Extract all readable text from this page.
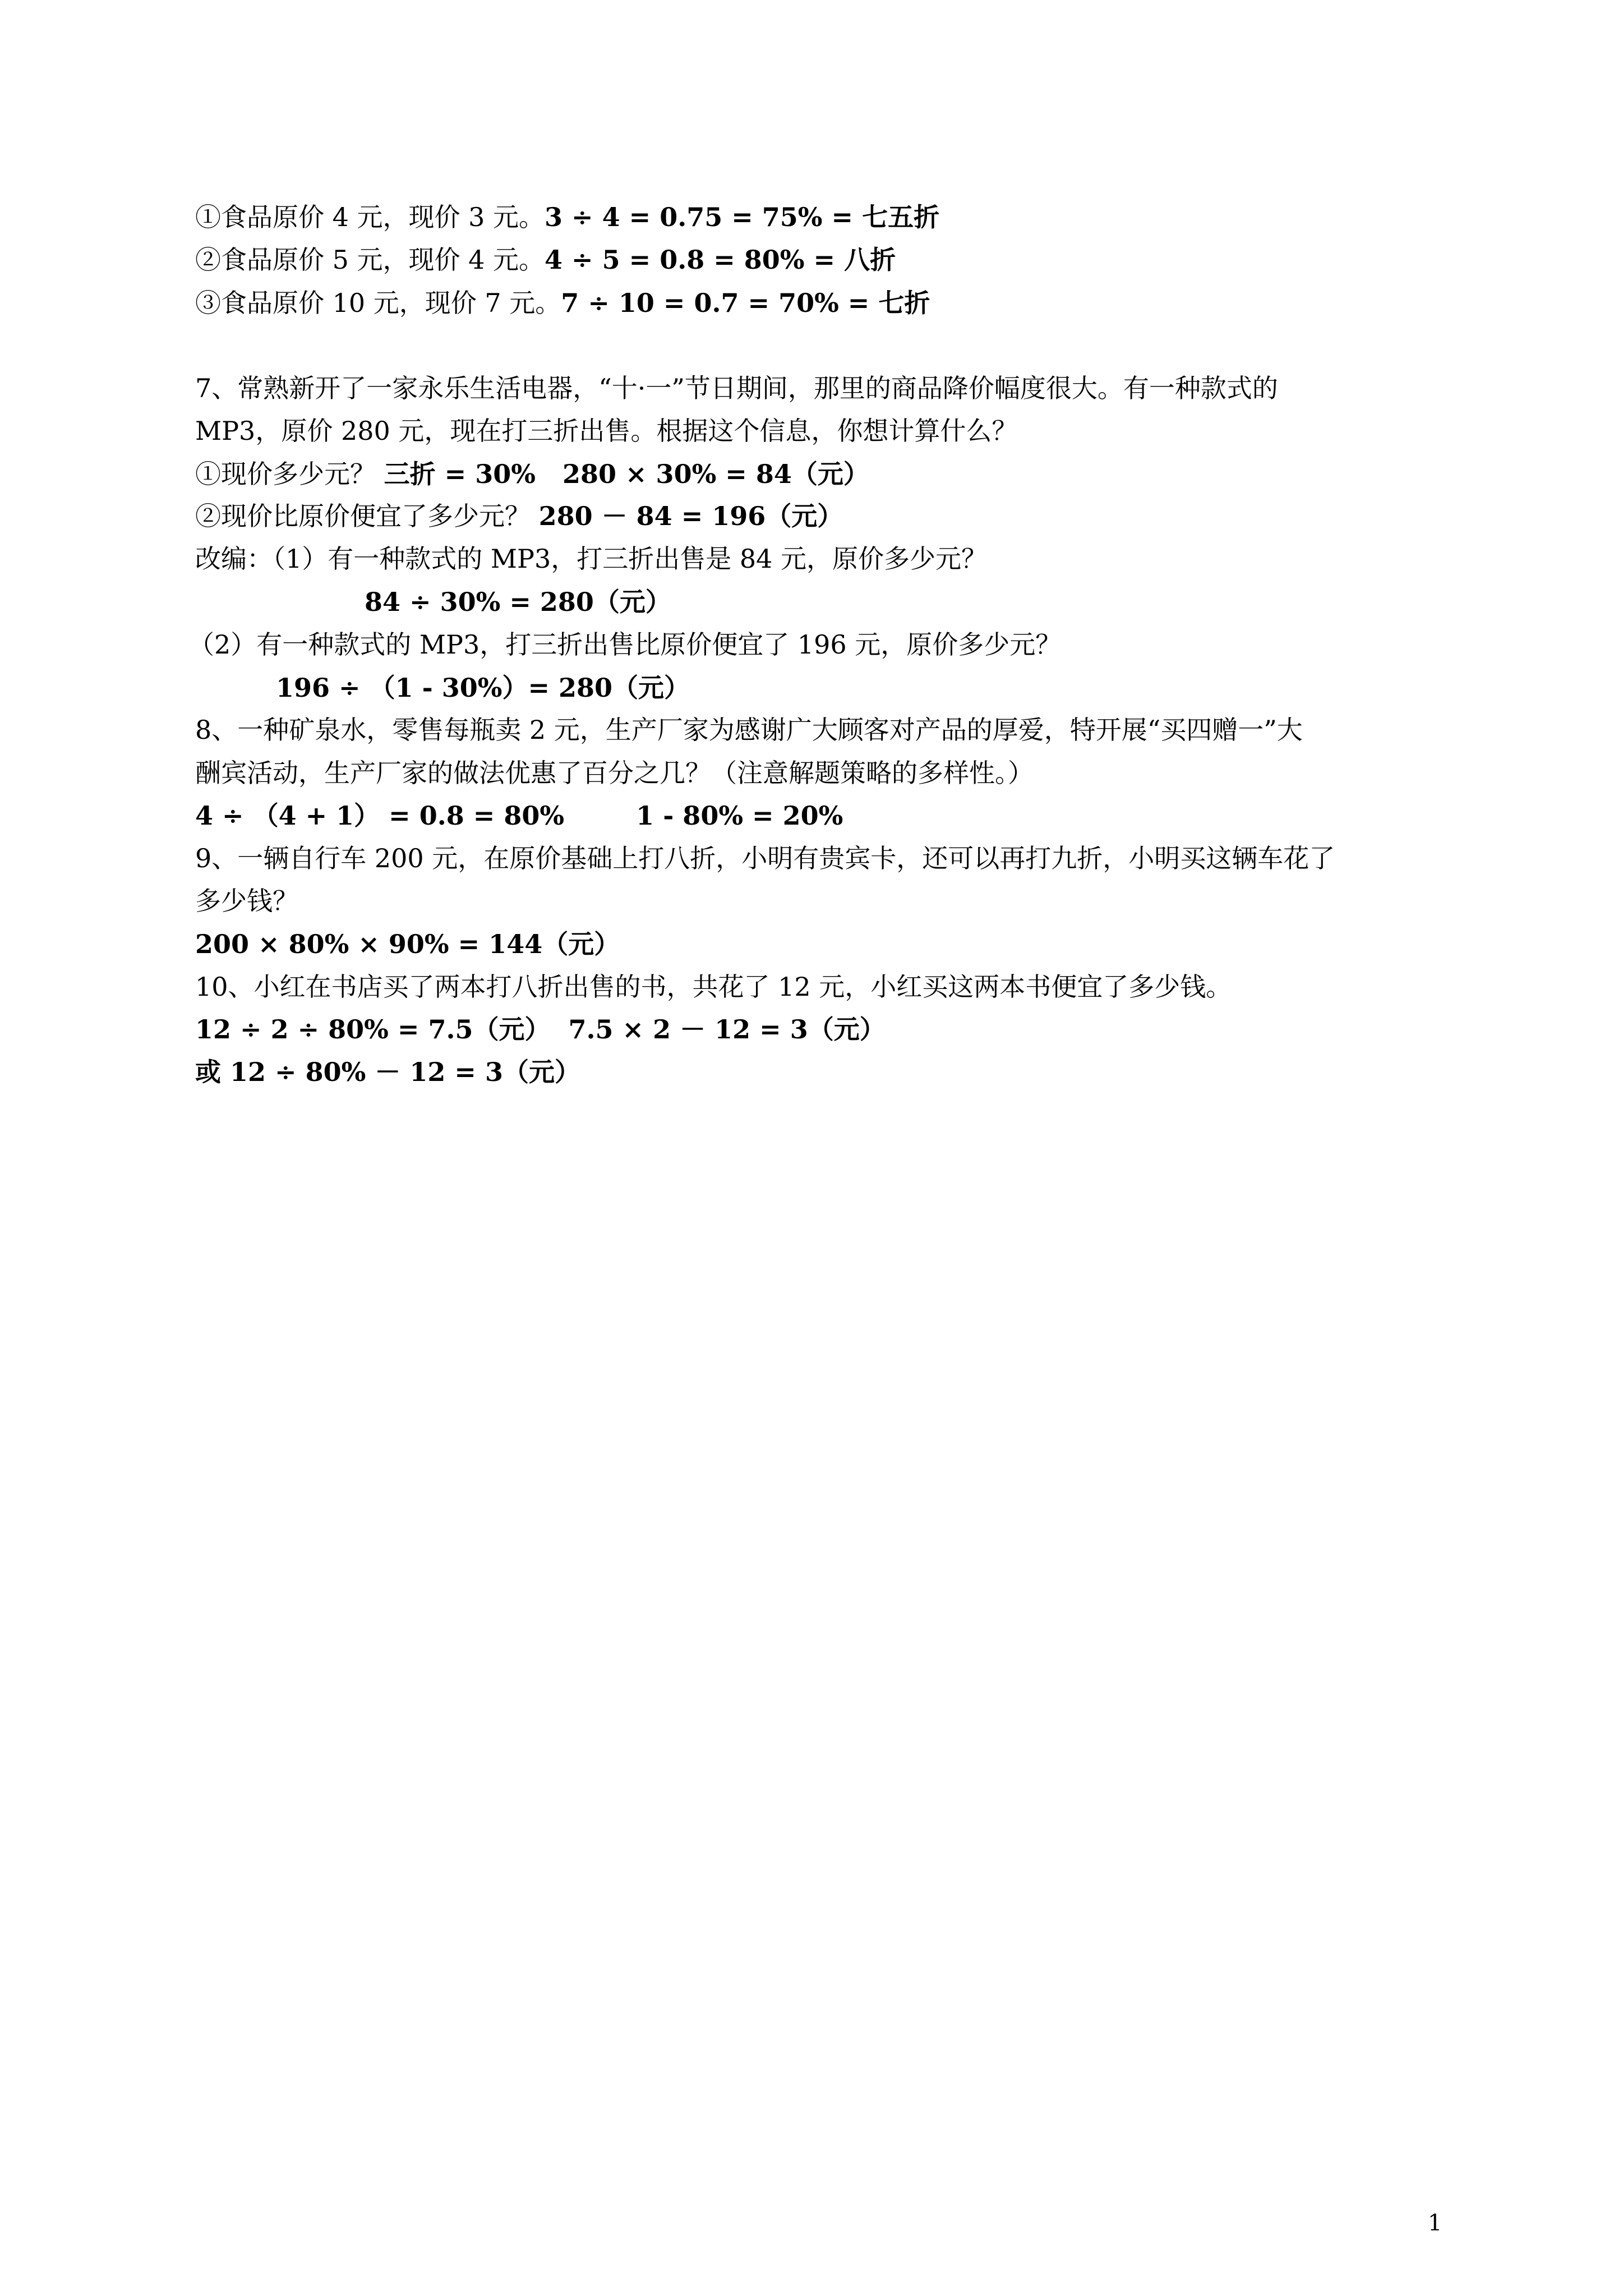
①食品原价 4 元，现价 3 元。3 ÷ 4 = 0.75 = 75% = 七五折
②食品原价 5 元，现价 4 元。4 ÷ 5 = 0.8 = 80% = 八折
③食品原价 10 元，现价 7 元。7 ÷ 10 = 0.7 = 70% = 七折
7、常熟新开了一家永乐生活电器，“十·一”节日期间，那里的商品降价幅度很大。有一种款式的
MP3，原价 280 元，现在打三折出售。根据这个信息，你想计算什么？
①现价多少元？ 三折 = 30%   280 × 30% = 84（元）
②现价比原价便宜了多少元？ 280 － 84 = 196（元）
改编：（1）有一种款式的 MP3，打三折出售是 84 元，原价多少元？
84 ÷ 30% = 280（元）
（2）有一种款式的 MP3，打三折出售比原价便宜了 196 元，原价多少元？
196 ÷ （1 - 30%）= 280（元）
8、一种矿泉水，零售每瓶卖 2 元，生产厂家为感谢广大顾客对产品的厚爱，特开展“买四赠一”大
酬宾活动，生产厂家的做法优惠了百分之几？（注意解题策略的多样性。）
4 ÷ （4 + 1） = 0.8 = 80%        1 - 80% = 20%
9、一辆自行车 200 元，在原价基础上打八折，小明有贵宾卡，还可以再打九折，小明买这辆车花了
多少钱？
200 × 80% × 90% = 144（元）
10、小红在书店买了两本打八折出售的书，共花了 12 元，小红买这两本书便宜了多少钱。
12 ÷ 2 ÷ 80% = 7.5（元）  7.5 × 2 － 12 = 3（元）
或 12 ÷ 80% － 12 = 3（元）
1
